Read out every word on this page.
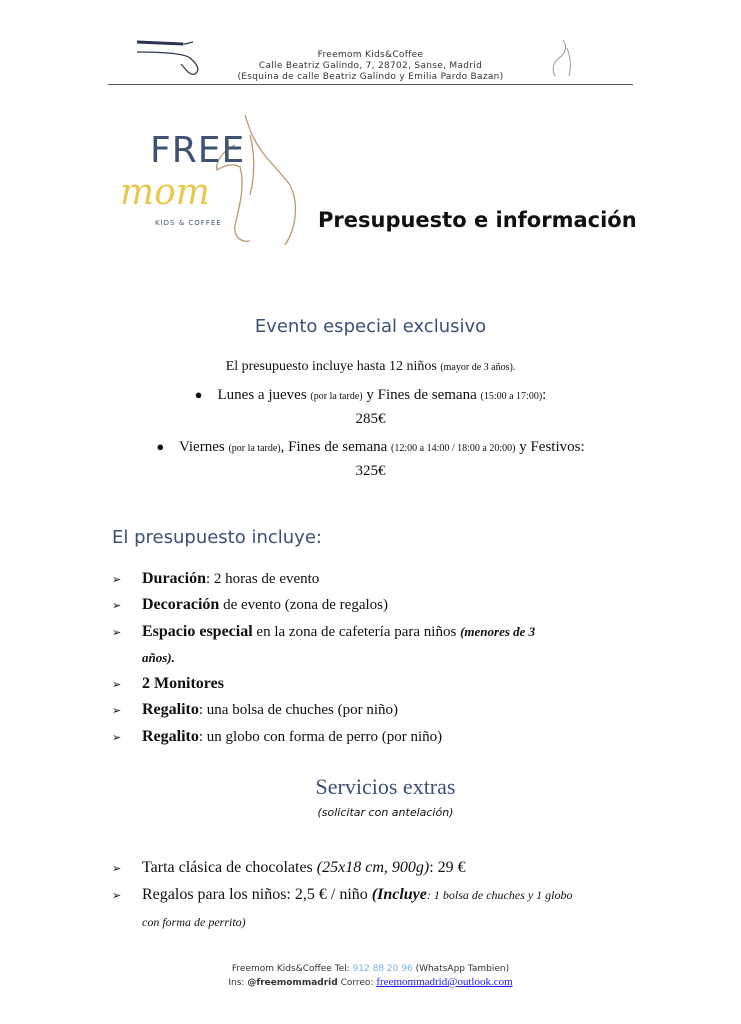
Freemom Kids&Coffee
Calle Beatriz Galindo, 7, 28702, Sanse, Madrid
(Esquina de calle Beatriz Galindo y Emilia Pardo Bazan)
FREE
mom
KIDS & COFFEE	Presupuesto e información
Evento especial exclusivo
El presupuesto incluye hasta 12 niños (mayor de 3 años).
● Lunes a jueves (por la tarde) y Fines de semana (15:00 a 17:00):
285€
● Viernes (por la tarde), Fines de semana (12:00 a 14:00 / 18:00 a 20:00) y Festivos:
325€
El presupuesto incluye:
➢ Duración: 2 horas de evento
➢ Decoración de evento (zona de regalos)
➢ Espacio especial en la zona de cafetería para niños (menores de 3
años).
➢ 2 Monitores
➢ Regalito: una bolsa de chuches (por niño)
➢ Regalito: un globo con forma de perro (por niño)
Servicios extras
(solicitar con antelación)
➢ Tarta clásica de chocolates (25x18 cm, 900g): 29 €
➢ Regalos para los niños: 2,5 € / niño (Incluye: 1 bolsa de chuches y 1 globo
con forma de perrito)
Freemom Kids&Coffee Tel: 912 88 20 96 (WhatsApp Tambien)
Ins: @freemommadrid Correo: freemommadrid@outlook.com
